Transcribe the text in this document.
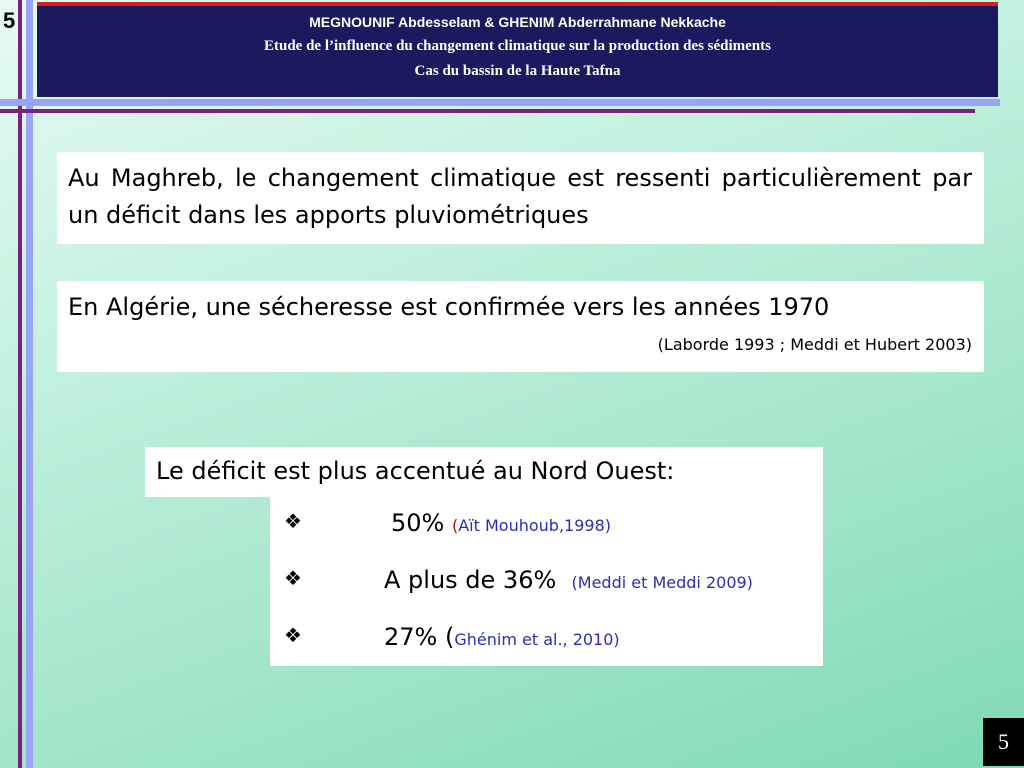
5	MEGNOUNIF Abdesselam & GHENIM Abderrahmane Nekkache
Etude de l’influence du changement climatique sur la production des sédiments
Cas du bassin de la Haute Tafna
Au Maghreb, le changement climatique est ressenti particulièrement par un déficit dans les apports pluviométriques
En Algérie, une sécheresse est confirmée vers les années 1970
(Laborde 1993 ; Meddi et Hubert 2003)
Le déficit est plus accentué au Nord Ouest:
❖	50% (Aït Mouhoub,1998)
❖	A plus de 36% (Meddi et Meddi 2009)
❖	27% (Ghénim et al., 2010)
5
